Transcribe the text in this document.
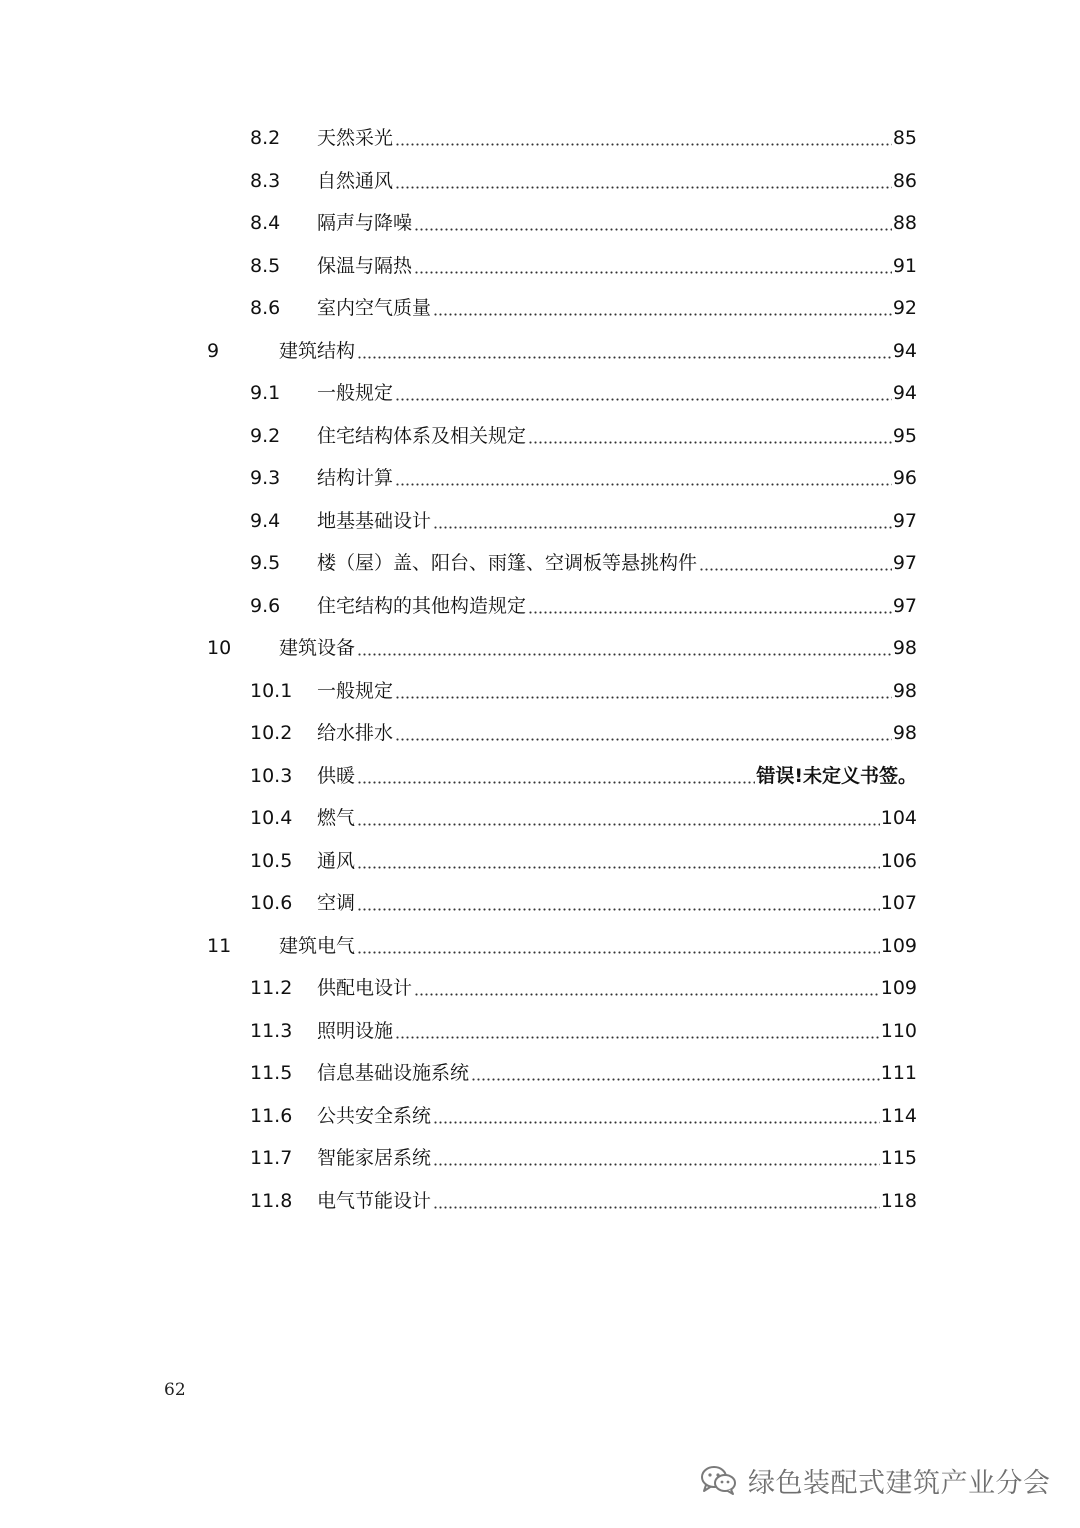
8.2 天然采光	85
8.3 自然通风	86
8.4 隔声与降噪	88
8.5 保温与隔热	91
8.6 室内空气质量	92
9	建筑结构	94
9.1 一般规定	94
9.2 住宅结构体系及相关规定	95
9.3 结构计算	96
9.4 地基基础设计	97
9.5 楼（屋）盖、阳台、雨篷、空调板等悬挑构件	97
9.6 住宅结构的其他构造规定	97
10	建筑设备	98
10.1 一般规定	98
10.2 给水排水	98
10.3 供暖	错误!未定义书签。
10.4 燃气	104
10.5 通风	106
10.6 空调	107
11	建筑电气	109
11.2 供配电设计	109
11.3 照明设施	110
11.5 信息基础设施系统	111
11.6 公共安全系统	114
11.7 智能家居系统	115
11.8 电气节能设计	118
62
绿色装配式建筑产业分会
